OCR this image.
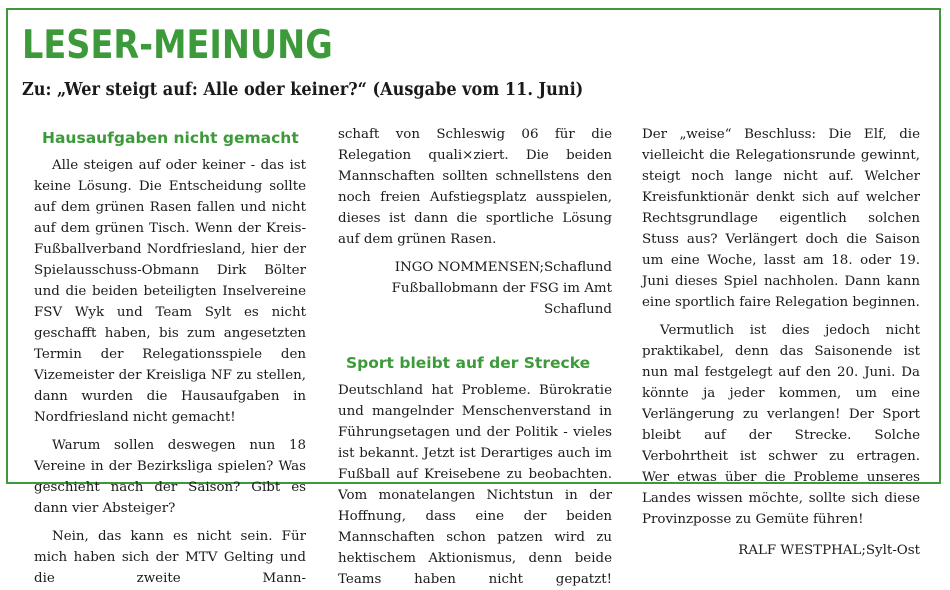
LESER-MEINUNG
Zu: „Wer steigt auf: Alle oder keiner?“ (Ausgabe vom 11. Juni)
Hausaufgaben nicht gemacht

Alle steigen auf oder keiner - das ist keine Lösung. Die Entscheidung sollte auf dem grünen Rasen fallen und nicht auf dem grünen Tisch. Wenn der Kreis-Fußballverband Nordfriesland, hier der Spielausschuss-Obmann Dirk Bölter und die beiden beteiligten Inselvereine FSV Wyk und Team Sylt es nicht geschafft haben, bis zum angesetzten Termin der Relegationsspiele den Vizemeister der Kreisliga NF zu stellen, dann wurden die Hausaufgaben in Nordfriesland nicht gemacht!

Warum sollen deswegen nun 18 Vereine in der Bezirksliga spielen? Was geschieht nach der Saison? Gibt es dann vier Absteiger?

Nein, das kann es nicht sein. Für mich haben sich der MTV Gelting und die zweite Mann-

schaft von Schleswig 06 für die Relegation quali×ziert. Die beiden Mannschaften sollten schnellstens den noch freien Aufstiegsplatz ausspielen, dieses ist dann die sportliche Lösung auf dem grünen Rasen.

INGO NOMMENSEN;Schaflund
Fußballobmann der FSG im Amt Schaflund
Sport bleibt auf der Strecke

Deutschland hat Probleme. Bürokratie und mangelnder Menschenverstand in Führungsetagen und der Politik - vieles ist bekannt. Jetzt ist Derartiges auch im Fußball auf Kreisebene zu beobachten. Vom monatelangen Nichtstun in der Hoffnung, dass eine der beiden Mannschaften schon patzen wird zu hektischem Aktionismus, denn beide Teams haben nicht gepatzt!

Der „weise“ Beschluss: Die Elf, die vielleicht die Relegationsrunde gewinnt, steigt noch lange nicht auf. Welcher Kreisfunktionär denkt sich auf welcher Rechtsgrundlage eigentlich solchen Stuss aus? Verlängert doch die Saison um eine Woche, lasst am 18. oder 19. Juni dieses Spiel nachholen. Dann kann eine sportlich faire Relegation beginnen.

Vermutlich ist dies jedoch nicht praktikabel, denn das Saisonende ist nun mal festgelegt auf den 20. Juni. Da könnte ja jeder kommen, um eine Verlängerung zu verlangen! Der Sport bleibt auf der Strecke. Solche Verbohrtheit ist schwer zu ertragen. Wer etwas über die Probleme unseres Landes wissen möchte, sollte sich diese Provinzposse zu Gemüte führen!

RALF WESTPHAL;Sylt-Ost
